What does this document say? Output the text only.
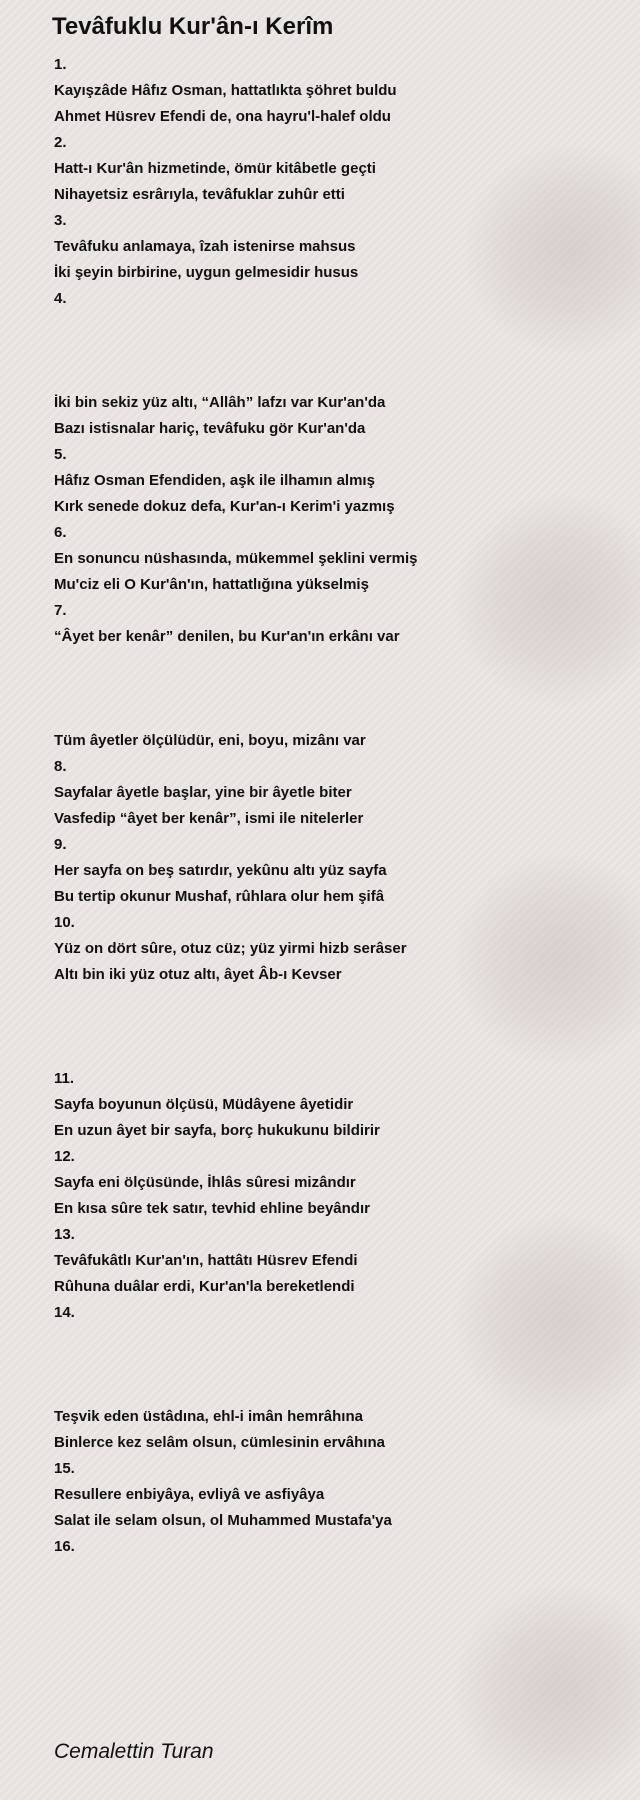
Tevâfuklu Kur'ân-ı Kerîm
1.
Kayışzâde Hâfız Osman, hattatlıkta şöhret buldu
Ahmet Hüsrev Efendi de, ona hayru'l-halef oldu
2.
Hatt-ı Kur'ân hizmetinde, ömür kitâbetle geçti
Nihayetsiz esrârıyla, tevâfuklar zuhûr etti
3.
Tevâfuku anlamaya, îzah istenirse mahsus
İki şeyin birbirine, uygun gelmesidir husus
4.
İki bin sekiz yüz altı, “Allâh” lafzı var Kur'an'da
Bazı istisnalar hariç, tevâfuku gör Kur'an'da
5.
Hâfız Osman Efendiden, aşk ile ilhamın almış
Kırk senede dokuz defa, Kur'an-ı Kerim'i yazmış
6.
En sonuncu nüshasında, mükemmel şeklini vermiş
Mu'ciz eli O Kur'ân'ın, hattatlığına yükselmiş
7.
“Âyet ber kenâr” denilen, bu Kur'an'ın erkânı var
Tüm âyetler ölçülüdür, eni, boyu, mizânı var
8.
Sayfalar âyetle başlar, yine bir âyetle biter
Vasfedip “âyet ber kenâr”, ismi ile nitelerler
9.
Her sayfa on beş satırdır, yekûnu altı yüz sayfa
Bu tertip okunur Mushaf, rûhlara olur hem şifâ
10.
Yüz on dört sûre, otuz cüz; yüz yirmi hizb serâser
Altı bin iki yüz otuz altı, âyet Âb-ı Kevser
11.
Sayfa boyunun ölçüsü, Müdâyene âyetidir
En uzun âyet bir sayfa, borç hukukunu bildirir
12.
Sayfa eni ölçüsünde, İhlâs sûresi mizândır
En kısa sûre tek satır, tevhid ehline beyândır
13.
Tevâfukâtlı Kur'an'ın, hattâtı Hüsrev Efendi
Rûhuna duâlar erdi, Kur'an'la bereketlendi
14.
Teşvik eden üstâdına, ehl-i imân hemrâhına
Binlerce kez selâm olsun, cümlesinin ervâhına
15.
Resullere enbiyâya, evliyâ ve asfiyâya
Salat ile selam olsun, ol Muhammed Mustafa'ya
16.
Cemalettin Turan
